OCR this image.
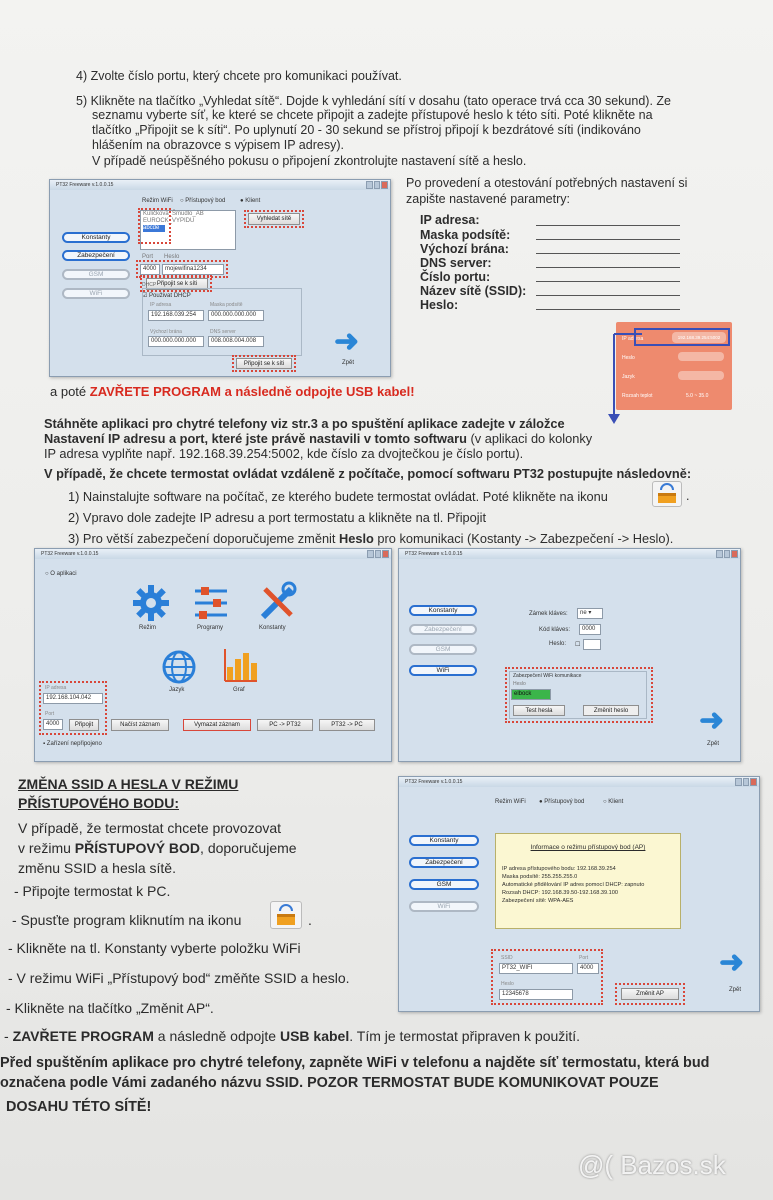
4) Zvolte číslo portu, který chcete pro komunikaci používat.
5) Klikněte na tlačítko „Vyhledat sítě“. Dojde k vyhledání sítí v dosahu (tato operace trvá cca 30 sekund). Ze
seznamu vyberte síť, ke které se chcete připojit a zadejte přístupové heslo k této síti. Poté klikněte na
tlačítko „Připojit se k síti“. Po uplynutí 20 - 30 sekund se přístroj připojí k bezdrátové síti (indikováno
hlášením na obrazovce s výpisem IP adresy).
V případě neúspěšného pokusu o připojení zkontrolujte nastavení sítě a heslo.
PT32 Freeware v.1.0.0.15
Režim WiFi ○ Přístupový bod ● Klient
Kuličková_Šmudlo_AB
EUROCK_VYPIDU
abcde
Vyhledat sítě
Konstanty
Zabezpečení
GSM
WiFi
Port Heslo
4000	mojewifina1234
Připojit se k síti
DHCP
☑ Použivat DHCP
IP adresa	Maska podsítě
192.168.039.254	000.000.000.000
Výchozí brána	DNS server
000.000.000.000	008.008.004.008
Připojit se k síti
➜
Zpět
Po provedení a otestování potřebných nastavení si
zapište nastavené parametry:
IP adresa:
Maska podsítě:
Výchozí brána:
DNS server:
Číslo portu:
Název sítě (SSID):
Heslo:
IP adresa	192.168.39.254:5002
Heslo
Jazyk
Rozsah teplot	5.0 ~ 35.0
a poté ZAVŘETE PROGRAM a následně odpojte USB kabel!
Stáhněte aplikaci pro chytré telefony viz str.3 a po spuštění aplikace zadejte v záložce
Nastavení IP adresu a port, které jste právě nastavili v tomto softwaru (v aplikaci do kolonky
IP adresa vyplňte např. 192.168.39.254:5002, kde číslo za dvojtečkou je číslo portu).
V případě, že chcete termostat ovládat vzdáleně z počítače, pomocí softwaru PT32 postupujte následovně:
1) Nainstalujte software na počítač, ze kterého budete termostat ovládat. Poté klikněte na ikonu	.
2) Vpravo dole zadejte IP adresu a port termostatu a klikněte na tl. Připojit
3) Pro větší zabezpečení doporučujeme změnit Heslo pro komunikaci (Kostanty -> Zabezpečení -> Heslo).
PT32 Freeware v.1.0.0.15
○ O aplikaci
Režim	Programy	Konstanty
Jazyk	Graf
IP adresa
192.168.104.042
Port
4000	Připojit	Načíst záznam	Vymazat záznam	PC -> PT32	PT32 -> PC
▪ Zařízení nepřipojeno
PT32 Freeware v.1.0.0.15
Konstanty
Zabezpečení
GSM
WiFi
Zámek kláves:	ne ▾
Kód kláves:	0000
Heslo: ☐
Zabezpečení WiFi komunikace
Heslo
elbock
Test hesla	Změnit heslo	➜
Zpět
ZMĚNA SSID A HESLA V REŽIMU
PŘÍSTUPOVÉHO BODU:
V případě, že termostat chcete provozovat
v režimu PŘÍSTUPOVÝ BOD, doporučujeme
změnu SSID a hesla sítě.
- Připojte termostat k PC.
- Spusťte program kliknutím na ikonu	.
- Klikněte na tl. Konstanty vyberte položku WiFi
- V režimu WiFi „Přístupový bod“ změňte SSID a heslo.
- Klikněte na tlačítko „Změnit AP“.
PT32 Freeware v.1.0.0.15
Režim WiFi ● Přístupový bod	○ Klient
Konstanty
Zabezpečení
GSM
WiFi
Informace o režimu přístupový bod (AP)
IP adresa přístupového bodu: 192.168.39.254
Maska podsítě: 255.255.255.0
Automatické přidělování IP adres pomocí DHCP: zapnuto
Rozsah DHCP: 192.168.39.50-192.168.39.100
Zabezpečení sítě: WPA-AES
SSID	Port
PT32_WIFI	4000
Heslo
12345678	Změnit AP
➜
Zpět
- ZAVŘETE PROGRAM a následně odpojte USB kabel. Tím je termostat připraven k použití.
Před spuštěním aplikace pro chytré telefony, zapněte WiFi v telefonu a najděte síť termostatu, která bud
označena podle Vámi zadaného názvu SSID. POZOR TERMOSTAT BUDE KOMUNIKOVAT POUZE
DOSAHU TÉTO SÍTĚ!
@( Bazos.sk
